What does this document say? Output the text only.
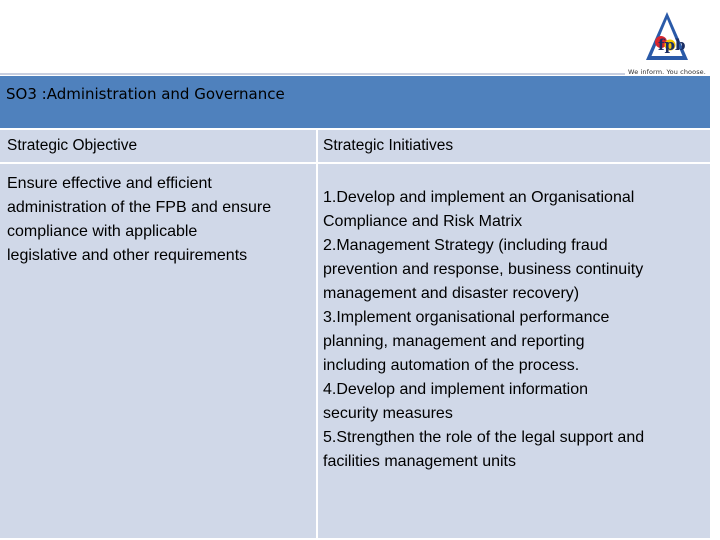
fpb
We inform. You choose.
SO3 :Administration and Governance
Strategic Objective	Strategic Initiatives
Ensure effective and efficient
administration of the FPB and ensure
compliance with applicable
legislative and other requirements
1.Develop and implement an Organisational
Compliance and Risk Matrix
2.Management Strategy (including fraud
prevention and response, business continuity
management and disaster recovery)
3.Implement organisational performance
planning, management and reporting
including automation of the process.
4.Develop and implement information
security measures
5.Strengthen the role of the legal support and
facilities management units
